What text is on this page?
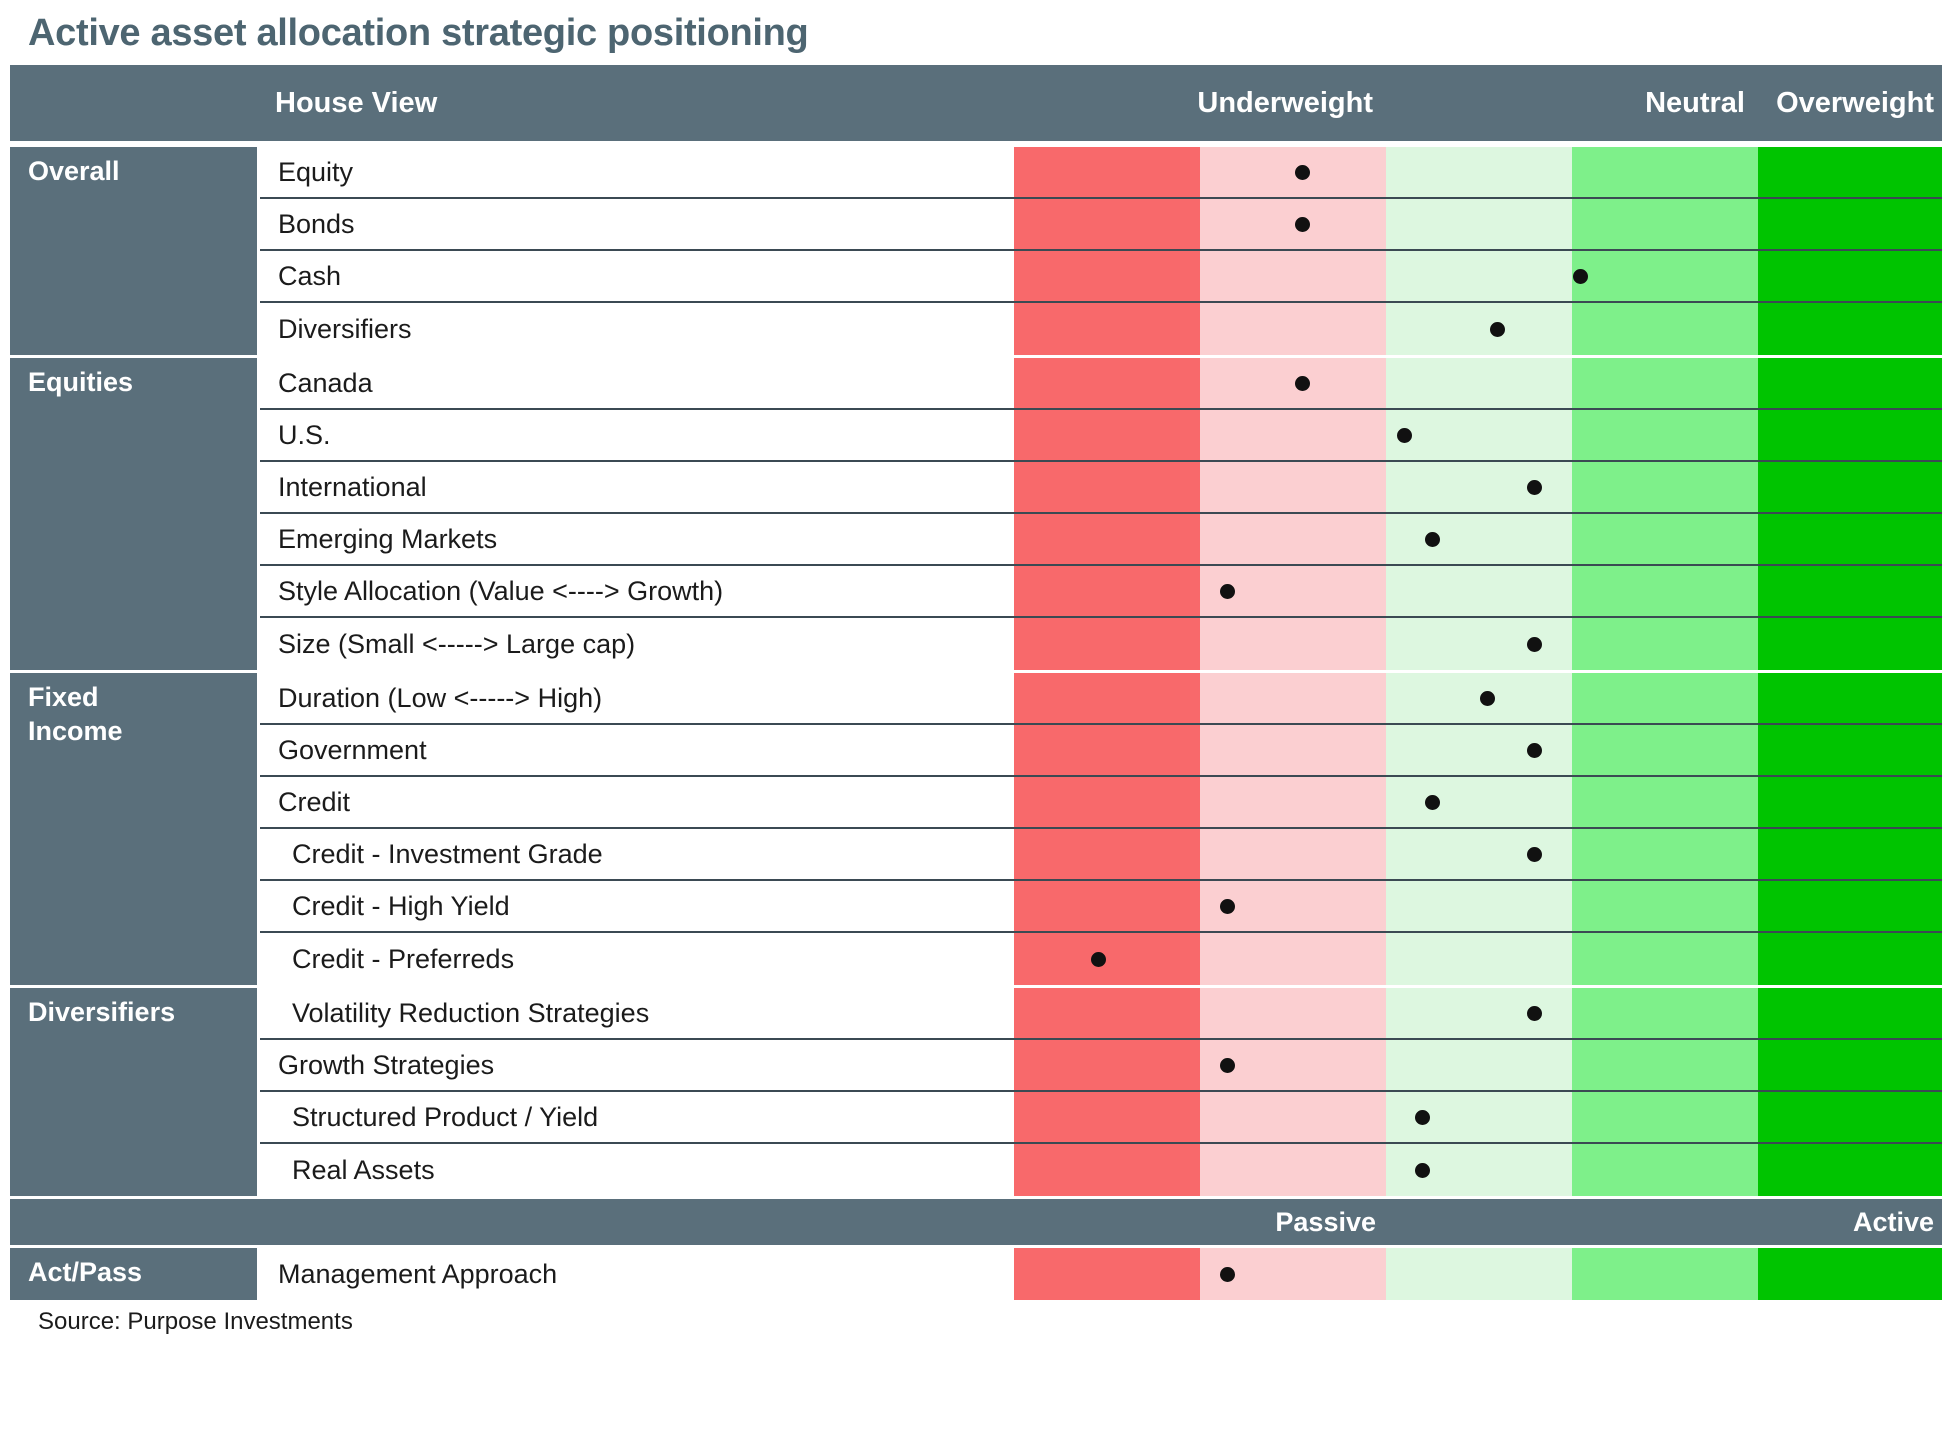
Active asset allocation strategic positioning
House View	Underweight	Neutral	Overweight
Overall	Equity
Bonds
Cash
Diversifiers
Equities	Canada
U.S.
International
Emerging Markets
Style Allocation (Value <----> Growth)
Size (Small <-----> Large cap)
Fixed
Income
Duration (Low <-----> High)
Government
Credit
Credit - Investment Grade
Credit - High Yield
Credit - Preferreds
Diversifiers	Volatility Reduction Strategies
Growth Strategies
Structured Product / Yield
Real Assets
Passive	Active
Act/Pass	Management Approach
Source: Purpose Investments
